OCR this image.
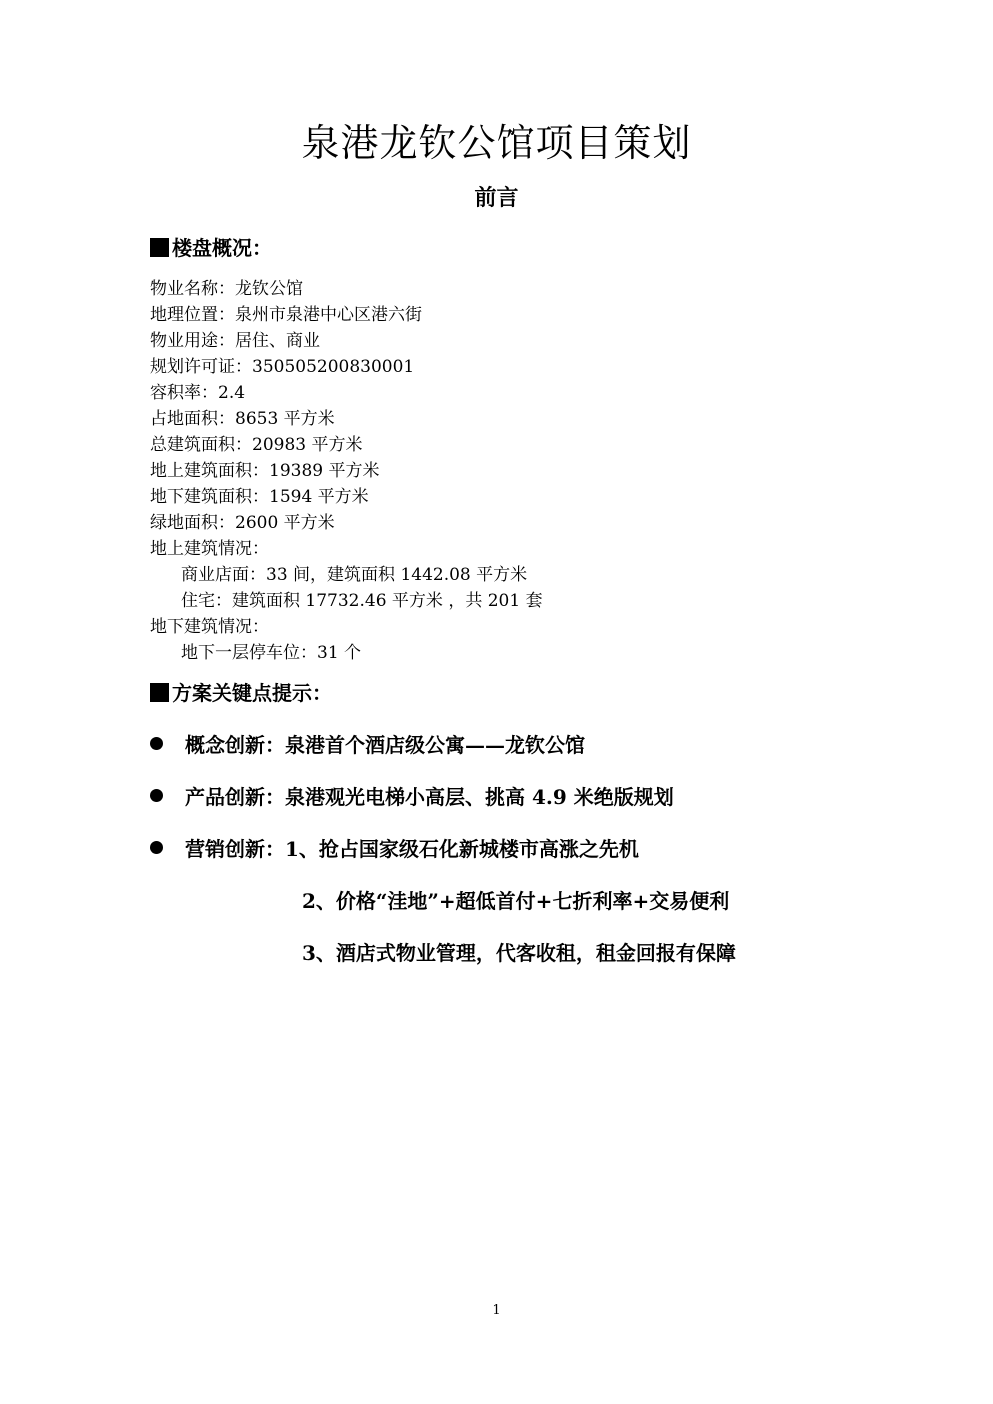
泉港龙钦公馆项目策划
前言
楼盘概况：
物业名称：龙钦公馆
地理位置：泉州市泉港中心区港六街
物业用途：居住、商业
规划许可证：350505200830001
容积率：2.4
占地面积：8653 平方米
总建筑面积：20983 平方米
地上建筑面积：19389 平方米
地下建筑面积：1594 平方米
绿地面积：2600 平方米
地上建筑情况：
商业店面：33 间，建筑面积 1442.08 平方米
住宅：建筑面积 17732.46 平方米 ，共 201 套
地下建筑情况：
地下一层停车位：31 个
方案关键点提示：
概念创新：泉港首个酒店级公寓——龙钦公馆
产品创新：泉港观光电梯小高层、挑高 4.9 米绝版规划
营销创新：1、抢占国家级石化新城楼市高涨之先机
2、价格“洼地”+超低首付+七折利率+交易便利
3、酒店式物业管理，代客收租，租金回报有保障

1
